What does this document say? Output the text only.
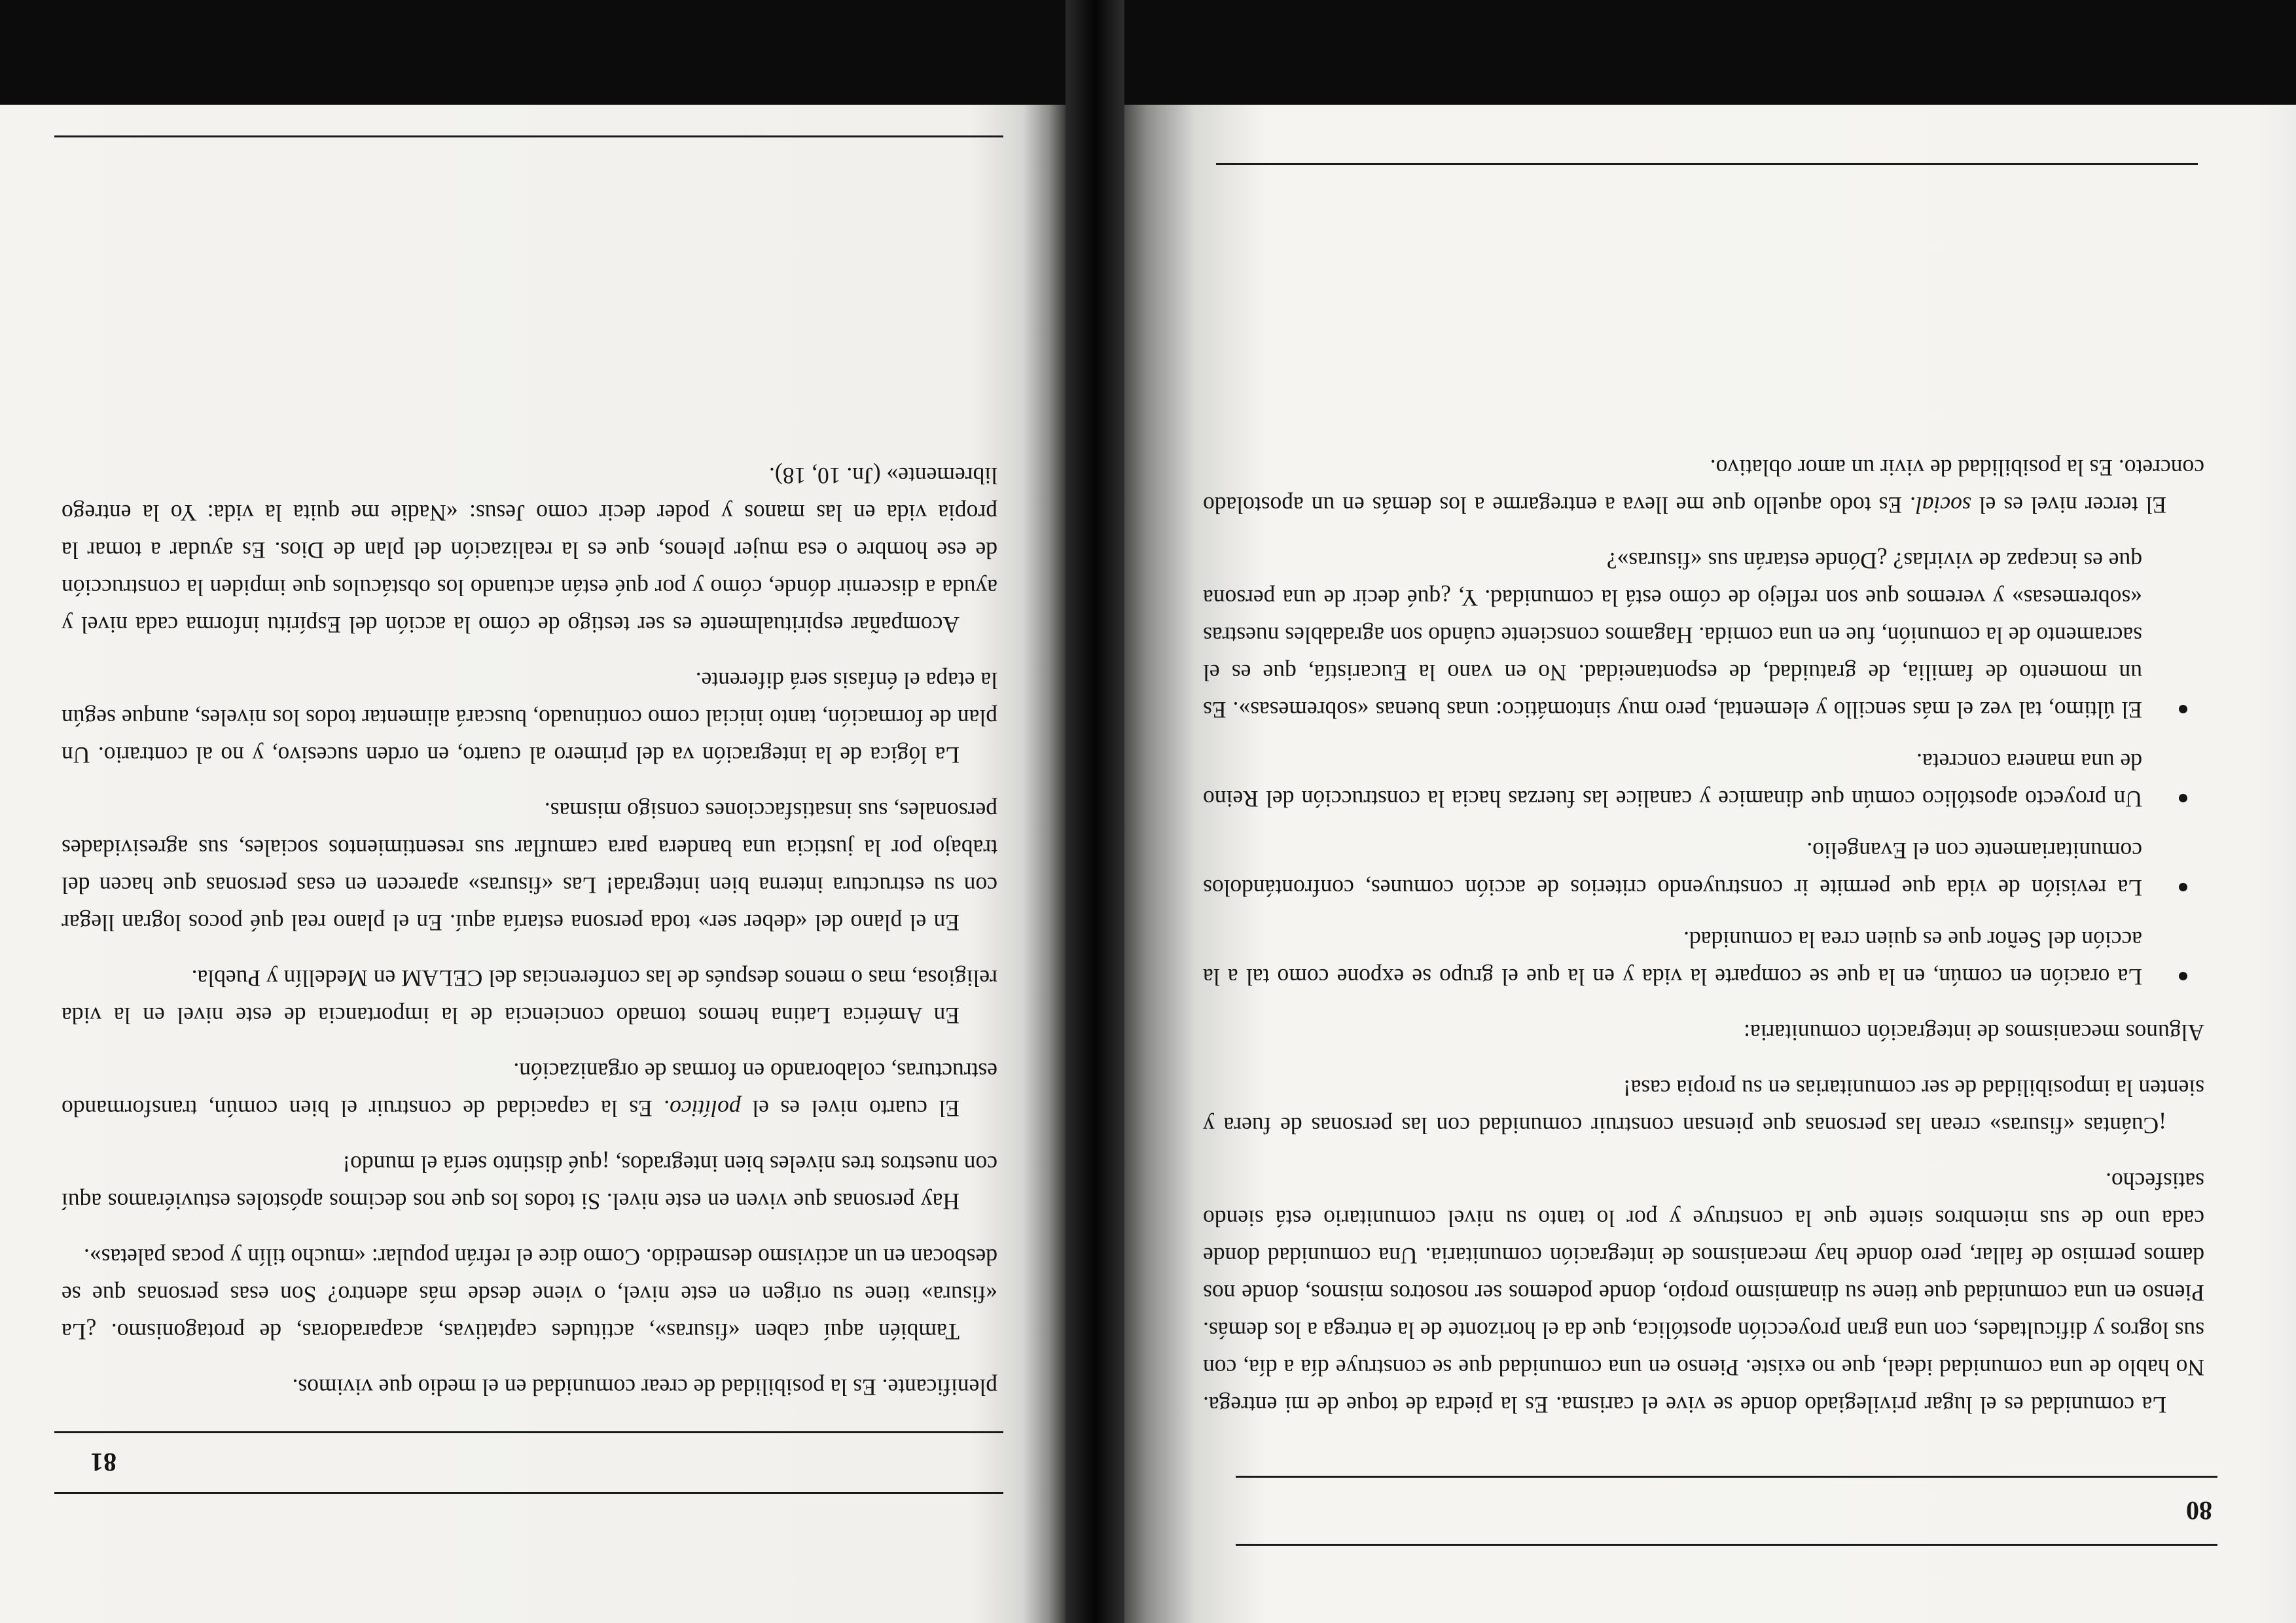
80

La comunidad es el lugar privilegiado donde se vive el carisma. Es la piedra de toque de mi entrega. No hablo de una comunidad ideal, que no existe. Pienso en una comunidad que se construye día a día, con sus logros y dificultades, con una gran proyección apostólica, que da el horizonte de la entrega a los demás. Pienso en una comunidad que tiene su dinamismo propio, donde podemos ser nosotros mismos, donde nos damos permiso de fallar, pero donde hay mecanismos de integración comunitaria. Una comunidad donde cada uno de sus miembros siente que la construye y por lo tanto su nivel comunitario está siendo satisfecho.

¡Cuántas «fisuras» crean las personas que piensan construir comunidad con las personas de fuera y sienten la imposibilidad de ser comunitarias en su propia casa!

Algunos mecanismos de integración comunitaria:

La oración en común, en la que se comparte la vida y en la que el grupo se expone como tal a la acción del Señor que es quien crea la comunidad.
La revisión de vida que permite ir construyendo criterios de acción comunes, confrontándolos comunitariamente con el Evangelio.
Un proyecto apostólico común que dinamice y canalice las fuerzas hacia la construcción del Reino de una manera concreta.
El último, tal vez el más sencillo y elemental, pero muy sintomático: unas buenas «sobremesas». Es un momento de familia, de gratuidad, de espontaneidad. No en vano la Eucaristía, que es el sacramento de la comunión, fue en una comida. Hagamos consciente cuándo son agradables nuestras «sobremesas» y veremos que son reflejo de cómo está la comunidad. Y, ¿qué decir de una persona que es incapaz de vivirlas? ¿Dónde estarán sus «fisuras»?

El tercer nivel es el social. Es todo aquello que me lleva a entregarme a los demás en un apostolado concreto. Es la posibilidad de vivir un amor oblativo.

81

plenificante. Es la posibilidad de crear comunidad en el medio que vivimos.

También aquí caben «fisuras», actitudes captativas, acaparadoras, de protagonismo. ¿La «fisura» tiene su origen en este nivel, o viene desde más adentro? Son esas personas que se desbocan en un activismo desmedido. Como dice el refrán popular: «mucho tilín y pocas paletas».

Hay personas que viven en este nivel. Si todos los que nos decimos apóstoles estuviéramos aquí con nuestros tres niveles bien integrados, ¡qué distinto sería el mundo!

El cuarto nivel es el político. Es la capacidad de construir el bien común, transformando estructuras, colaborando en formas de organización.

En América Latina hemos tomado conciencia de la importancia de este nivel en la vida religiosa, mas o menos después de las conferencias del CELAM en Medellín y Puebla.

En el plano del «deber ser» toda persona estaría aquí. En el plano real qué pocos logran llegar con su estructura interna bien integrada! Las «fisuras» aparecen en esas personas que hacen del trabajo por la justicia una bandera para camuflar sus resentimientos sociales, sus agresividades personales, sus insatisfacciones consigo mismas.

La lógica de la integración va del primero al cuarto, en orden sucesivo, y no al contrario. Un plan de formación, tanto inicial como continuado, buscará alimentar todos los niveles, aunque según la etapa el énfasis será diferente.

Acompañar espiritualmente es ser testigo de cómo la acción del Espíritu informa cada nivel y ayuda a discernir dónde, cómo y por qué están actuando los obstáculos que impiden la construcción de ese hombre o esa mujer plenos, que es la realización del plan de Dios. Es ayudar a tomar la propia vida en las manos y poder decir como Jesus: «Nadie me quita la vida: Yo la entrego libremente» (Jn. 10, 18).
